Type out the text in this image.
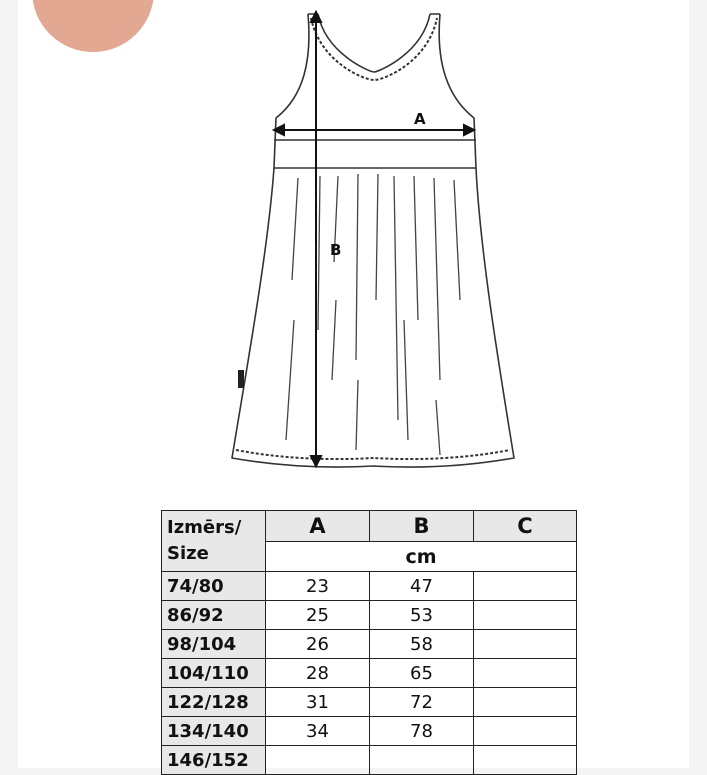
A
B
Izmērs/
Size	A	B	C
	cm		
74/80	23	47	
86/92	25	53	
98/104	26	58	
104/110	28	65	
122/128	31	72	
134/140	34	78	
146/152			
